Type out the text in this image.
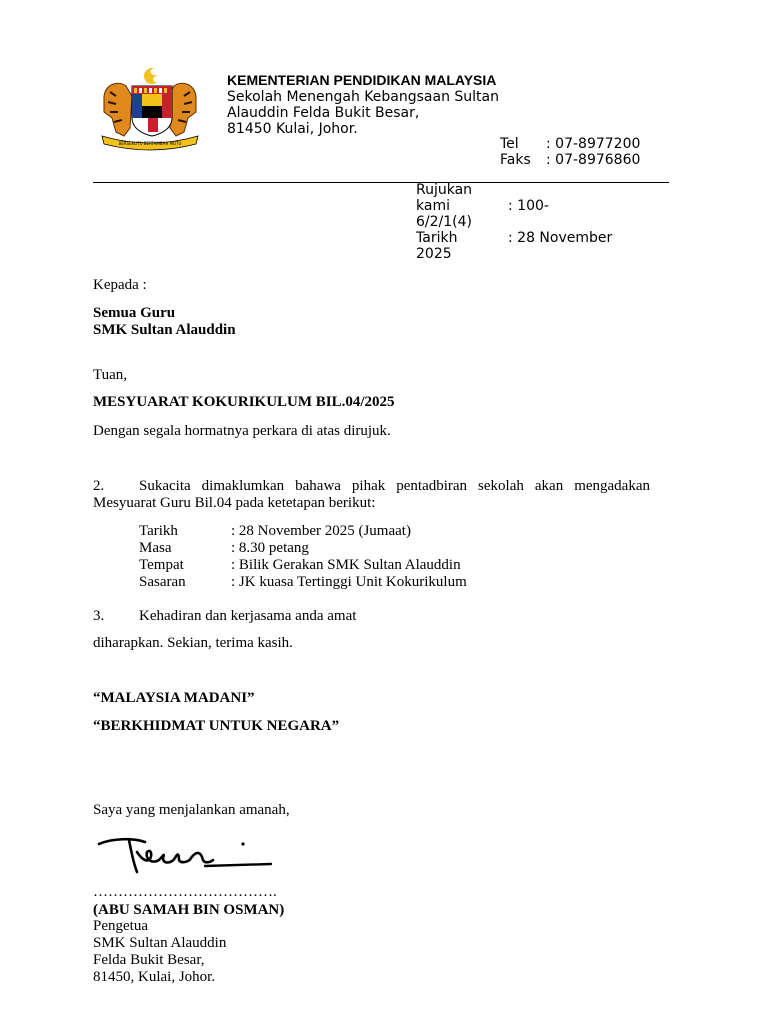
BERSEKUTU BERTAMBAH MUTU
KEMENTERIAN PENDIDIKAN MALAYSIA
Sekolah Menengah Kebangsaan Sultan
Alauddin Felda Bukit Besar,
81450 Kulai, Johor.
Tel : 07-8977200
Faks : 07-8976860
Rujukan kami	: 100-
6/2/1(4)
Tarikh	: 28 November
2025
Kepada :
Semua Guru
SMK Sultan Alauddin
Tuan,
MESYUARAT KOKURIKULUM BIL.04/2025
Dengan segala hormatnya perkara di atas dirujuk.
2. Sukacita dimaklumkan bahawa pihak pentadbiran sekolah akan mengadakan Mesyuarat Guru Bil.04 pada ketetapan berikut:
Tarikh	: 28 November 2025 (Jumaat)
Masa	: 8.30 petang
Tempat	: Bilik Gerakan SMK Sultan Alauddin
Sasaran	: JK kuasa Tertinggi Unit Kokurikulum
3. Kehadiran dan kerjasama anda amat
diharapkan. Sekian, terima kasih.
“MALAYSIA MADANI”
“BERKHIDMAT UNTUK NEGARA”
Saya yang menjalankan amanah,
……………………………….
(ABU SAMAH BIN OSMAN)
Pengetua
SMK Sultan Alauddin
Felda Bukit Besar,
81450, Kulai, Johor.
